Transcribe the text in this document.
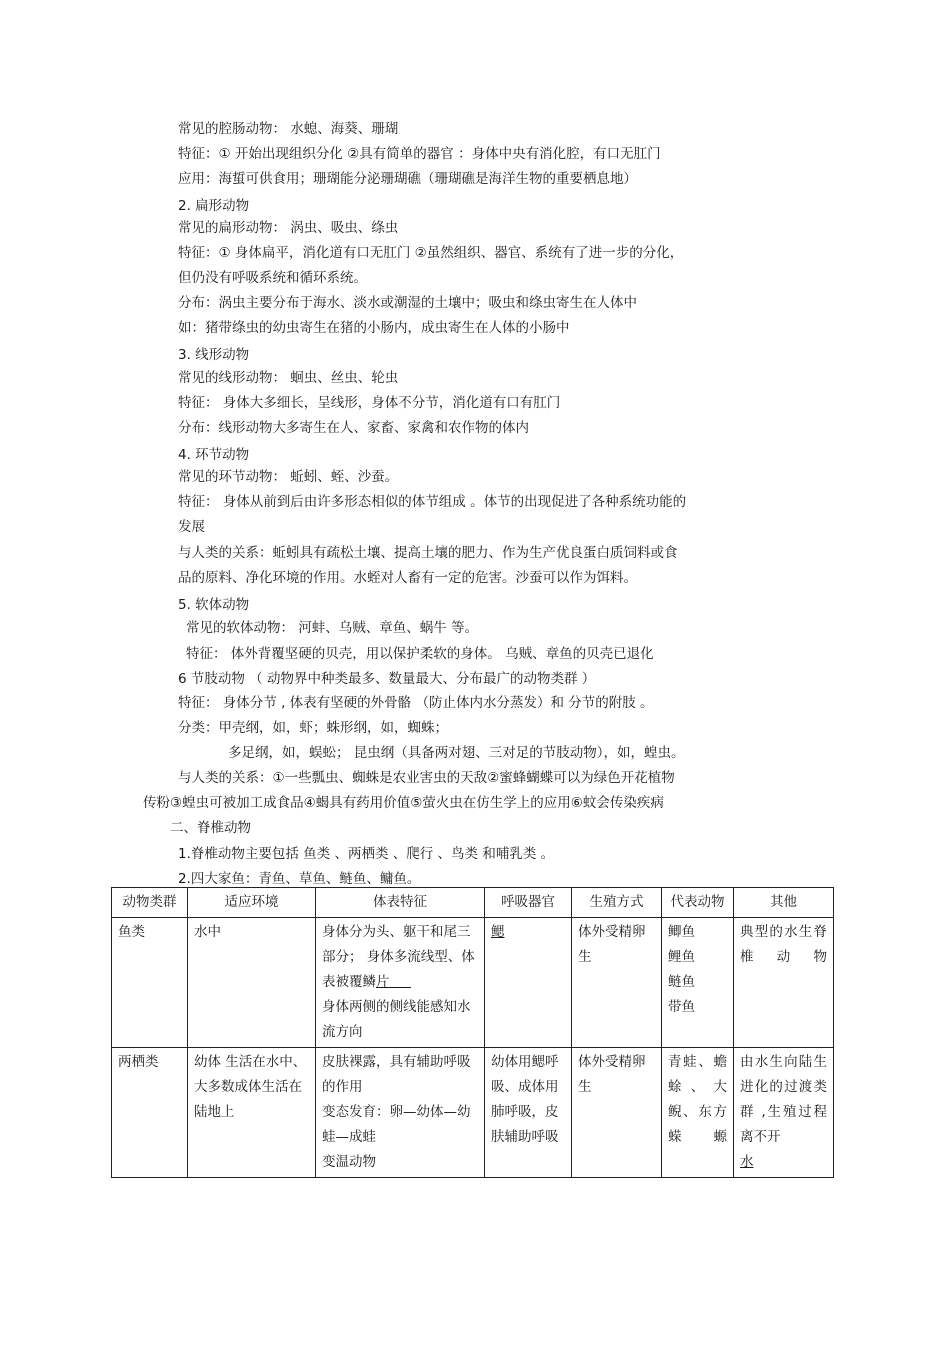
常见的腔肠动物： 水螅、海葵、珊瑚
特征：① 开始出现组织分化 ②具有简单的器官 ：身体中央有消化腔，有口无肛门
应用：海蜇可供食用；珊瑚能分泌珊瑚礁（珊瑚礁是海洋生物的重要栖息地）
2. 扁形动物
常见的扁形动物： 涡虫、吸虫、绦虫
特征：① 身体扁平，消化道有口无肛门 ②虽然组织、器官、系统有了进一步的分化，
但仍没有呼吸系统和循环系统。
分布：涡虫主要分布于海水、淡水或潮湿的土壤中；吸虫和绦虫寄生在人体中
如：猪带绦虫的幼虫寄生在猪的小肠内，成虫寄生在人体的小肠中
3. 线形动物
常见的线形动物： 蛔虫、丝虫、轮虫
特征： 身体大多细长，呈线形，身体不分节，消化道有口有肛门
分布：线形动物大多寄生在人、家畜、家禽和农作物的体内
4. 环节动物
常见的环节动物： 蚯蚓、蛭、沙蚕。
特征： 身体从前到后由许多形态相似的体节组成 。体节的出现促进了各种系统功能的
发展
与人类的关系：蚯蚓具有疏松土壤、提高土壤的肥力、作为生产优良蛋白质饲料或食
品的原料、净化环境的作用。水蛭对人畜有一定的危害。沙蚕可以作为饵料。
5. 软体动物
常见的软体动物： 河蚌、乌贼、章鱼、蜗牛 等。
特征： 体外背覆坚硬的贝壳，用以保护柔软的身体。 乌贼、章鱼的贝壳已退化
6 节肢动物 （ 动物界中种类最多、数量最大、分布最广的动物类群 ）
特征： 身体分节 , 体表有坚硬的外骨骼 （防止体内水分蒸发）和 分节的附肢 。
分类：甲壳纲，如，虾；蛛形纲，如，蜘蛛；
多足纲，如，蜈蚣； 昆虫纲（具备两对翅、三对足的节肢动物），如，蝗虫。
与人类的关系：①一些瓢虫、蜘蛛是农业害虫的天敌②蜜蜂蝴蝶可以为绿色开花植物
传粉③蝗虫可被加工成食品④蝎具有药用价值⑤萤火虫在仿生学上的应用⑥蚊会传染疾病
二、脊椎动物
1.脊椎动物主要包括 鱼类 、两栖类 、爬行 、鸟类 和哺乳类 。
2.四大家鱼：青鱼、草鱼、鲢鱼、鳙鱼。
动物类群	适应环境	体表特征	呼吸器官	生殖方式	代表动物	其他
鱼类	水中	身体分为头、躯干和尾三部分； 身体多流线型、体表被覆鳞片
身体两侧的侧线能感知水流方向	鳃	体外受精卵生	鲫鱼
鲤鱼
鲢鱼
带鱼	典型的水生脊椎动物
两栖类	幼体 生活在水中、大多数成体生活在陆地上	皮肤裸露，具有辅助呼吸的作用
变态发育：卵—幼体—幼蛙—成蛙
变温动物	幼体用鳃呼吸、成体用肺呼吸，皮肤辅助呼吸	体外受精卵生	青蛙、蟾蜍、大鲵、东方蝾螈	由水生向陆生进化的过渡类群 ,生殖过程离不开
水
